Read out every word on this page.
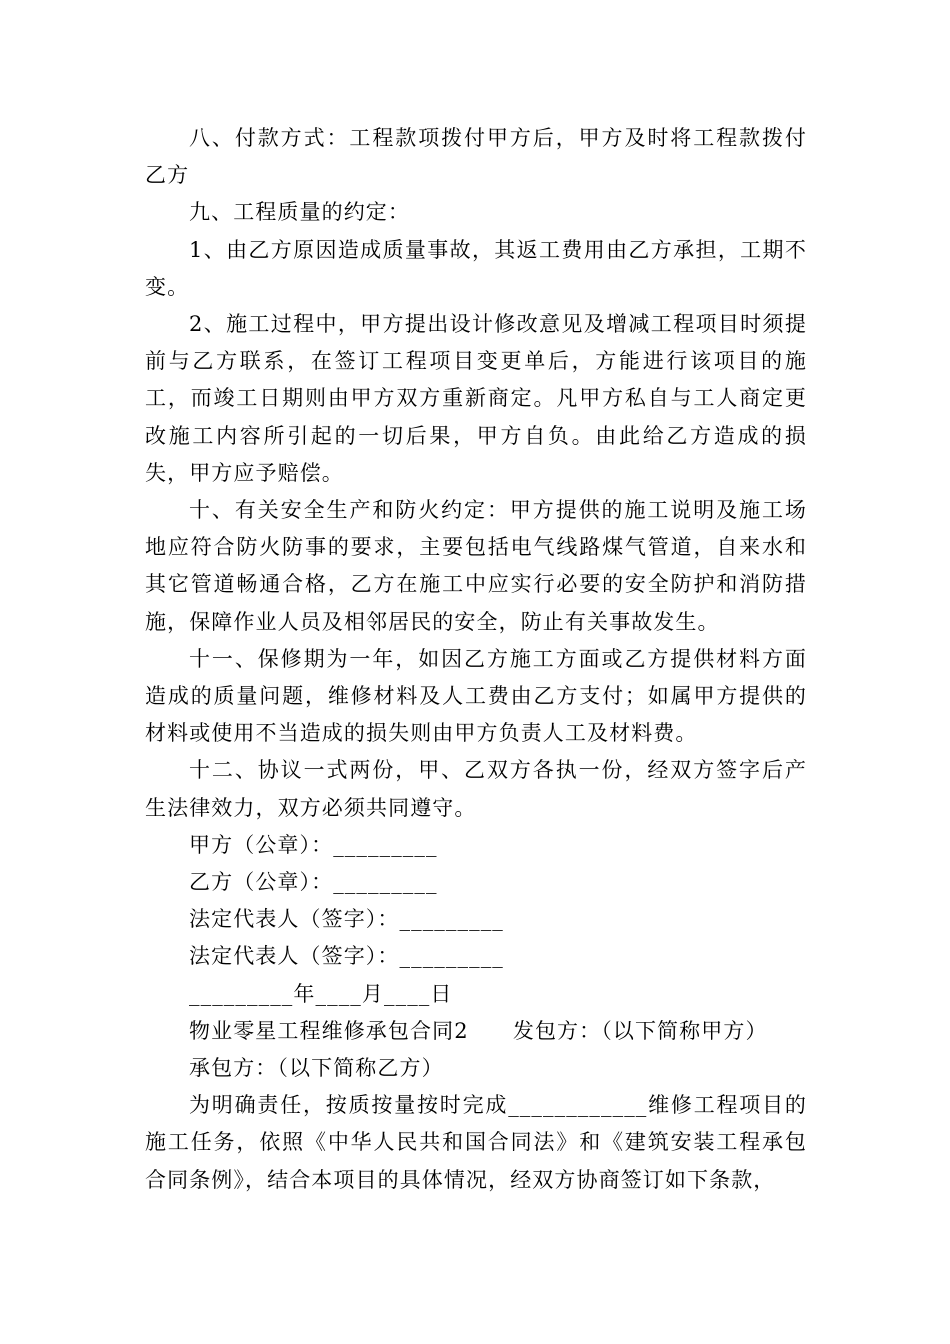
八、付款方式：工程款项拨付甲方后，甲方及时将工程款拨付乙方

九、工程质量的约定：

1、由乙方原因造成质量事故，其返工费用由乙方承担，工期不变。

2、施工过程中，甲方提出设计修改意见及增减工程项目时须提前与乙方联系，在签订工程项目变更单后，方能进行该项目的施工，而竣工日期则由甲方双方重新商定。凡甲方私自与工人商定更改施工内容所引起的一切后果，甲方自负。由此给乙方造成的损失，甲方应予赔偿。

十、有关安全生产和防火约定：甲方提供的施工说明及施工场地应符合防火防事的要求，主要包括电气线路煤气管道，自来水和其它管道畅通合格，乙方在施工中应实行必要的安全防护和消防措施，保障作业人员及相邻居民的安全，防止有关事故发生。

十一、保修期为一年，如因乙方施工方面或乙方提供材料方面造成的质量问题，维修材料及人工费由乙方支付；如属甲方提供的材料或使用不当造成的损失则由甲方负责人工及材料费。

十二、协议一式两份，甲、乙双方各执一份，经双方签字后产生法律效力，双方必须共同遵守。

甲方（公章）：_________

乙方（公章）：_________

法定代表人（签字）：_________

法定代表人（签字）：_________

_________年____月____日

物业零星工程维修承包合同2　　发包方：（以下简称甲方）

承包方：（以下简称乙方）

为明确责任，按质按量按时完成____________维修工程项目的施工任务，依照《中华人民共和国合同法》和《建筑安装工程承包合同条例》，结合本项目的具体情况，经双方协商签订如下条款，
